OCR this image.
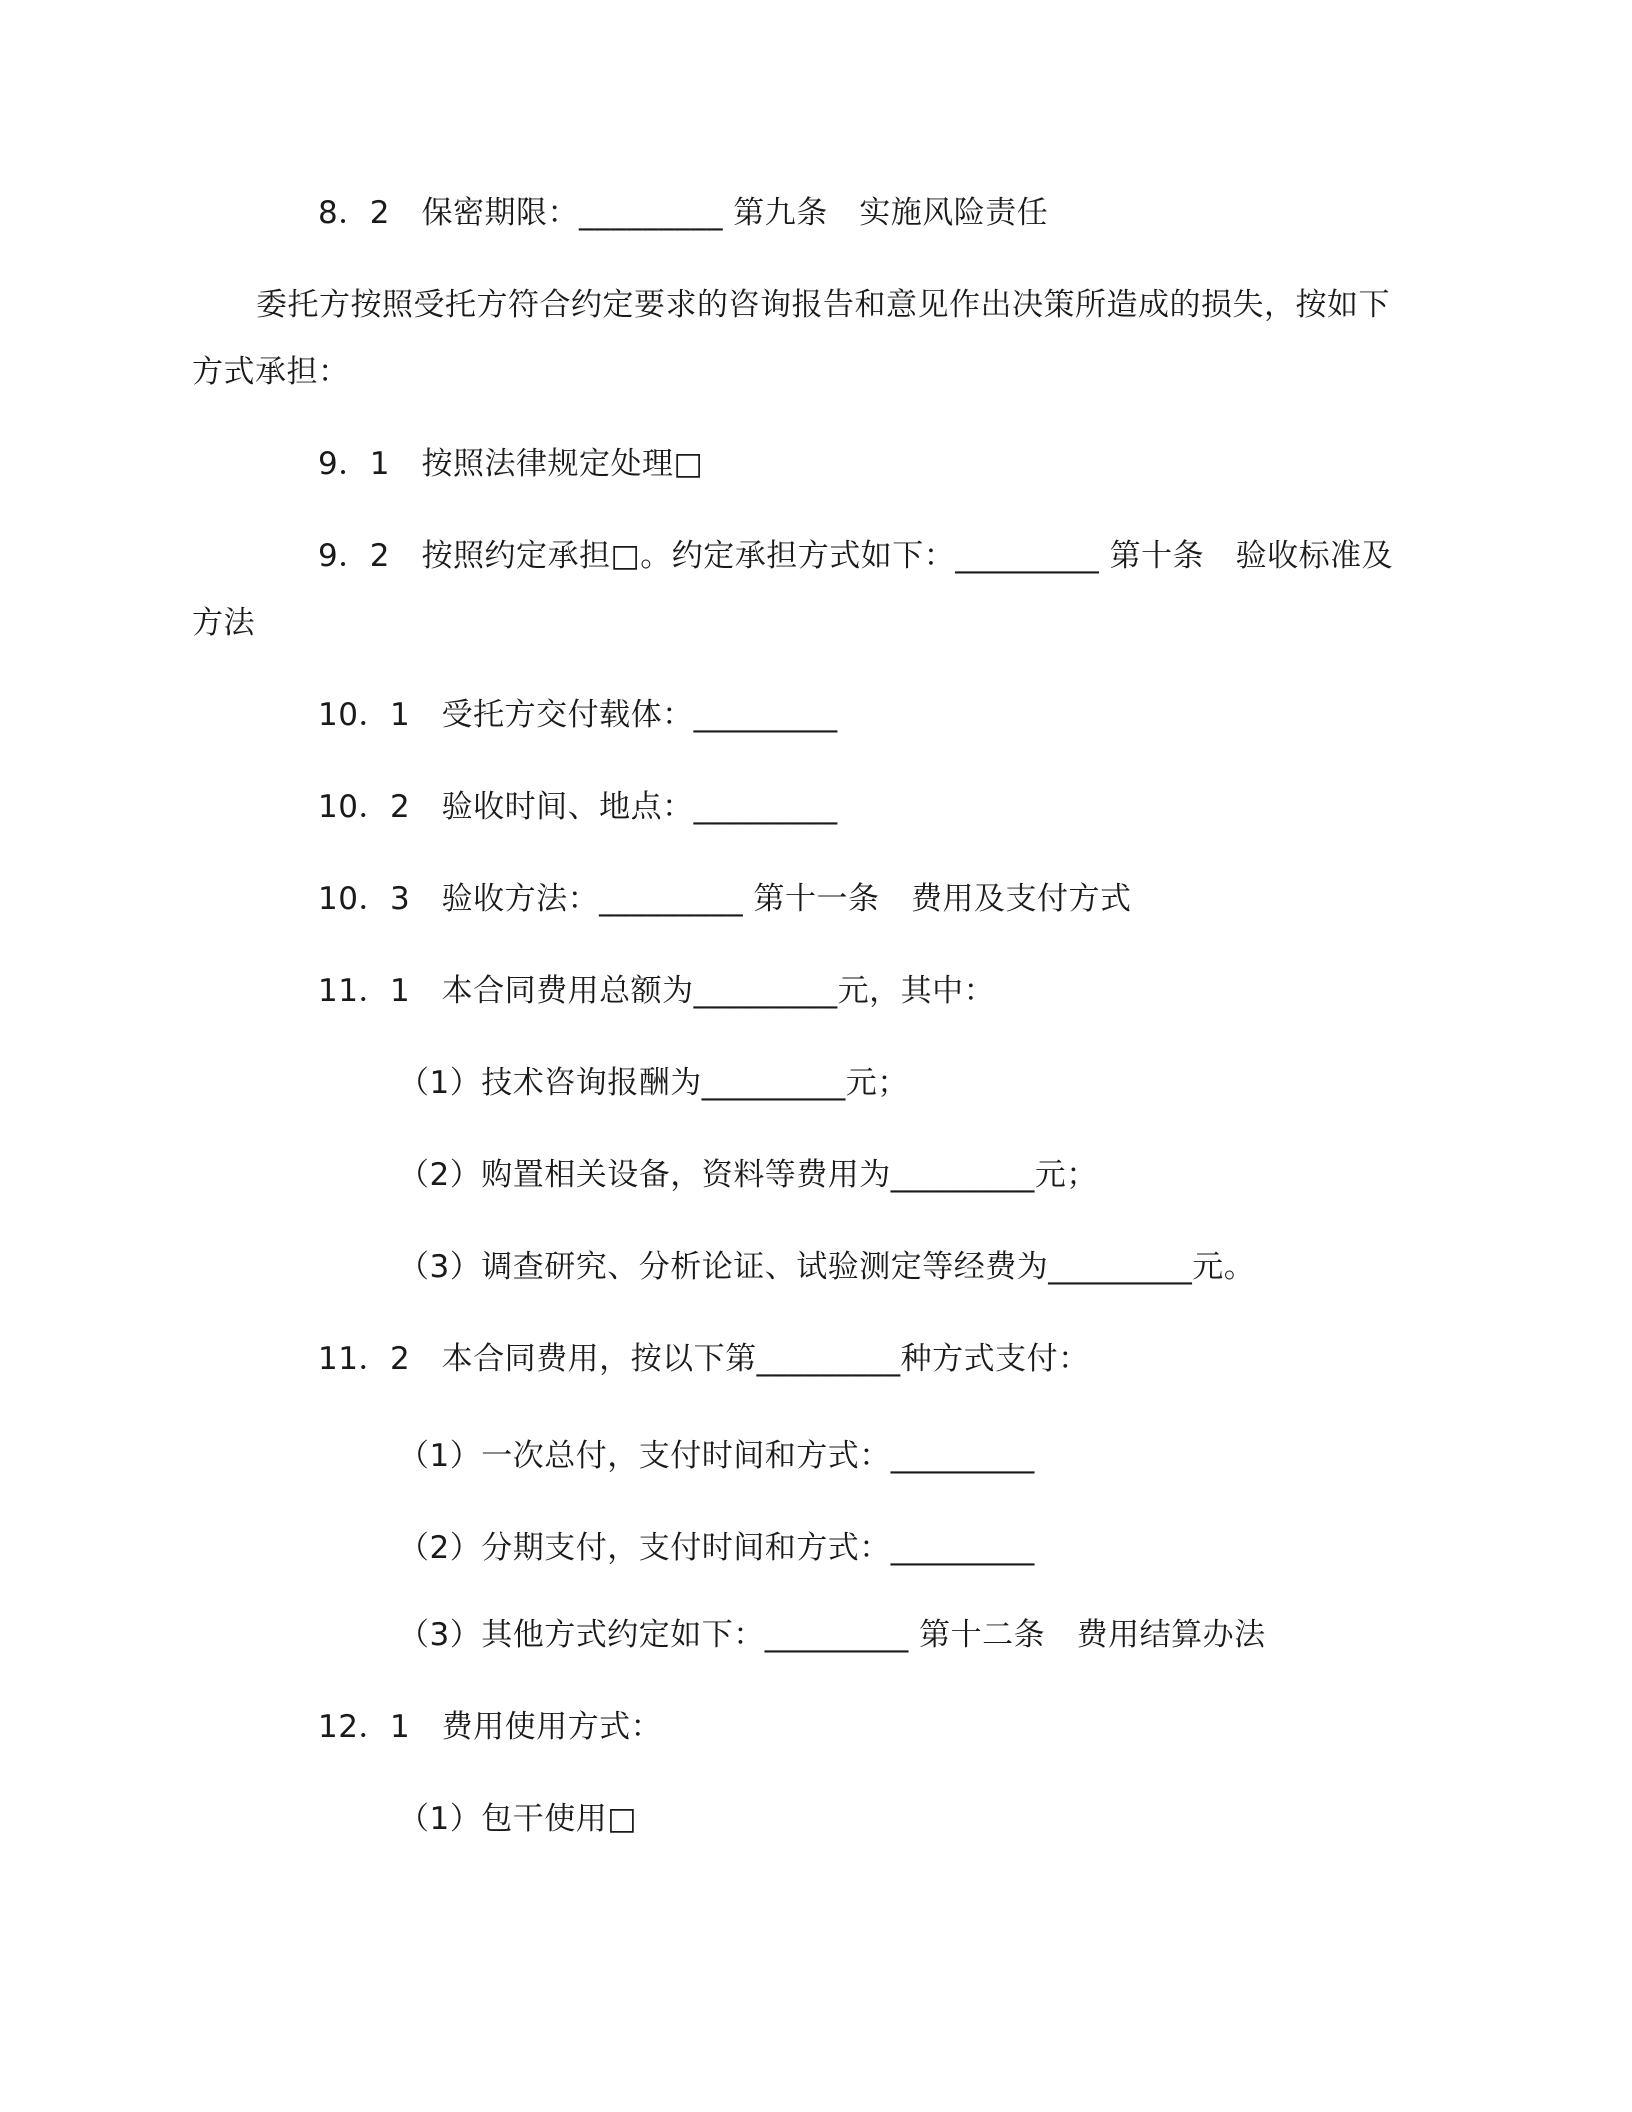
8．2　保密期限：_________ 第九条　实施风险责任
委托方按照受托方符合约定要求的咨询报告和意见作出决策所造成的损失，按如下
方式承担：
9．1　按照法律规定处理□
9．2　按照约定承担□。约定承担方式如下：_________ 第十条　验收标准及
方法
10．1　受托方交付载体：_________
10．2　验收时间、地点：_________
10．3　验收方法：_________ 第十一条　费用及支付方式
11．1　本合同费用总额为_________元，其中：
（1）技术咨询报酬为_________元；
（2）购置相关设备，资料等费用为_________元；
（3）调查研究、分析论证、试验测定等经费为_________元。
11．2　本合同费用，按以下第_________种方式支付：
（1）一次总付，支付时间和方式：_________
（2）分期支付，支付时间和方式：_________
（3）其他方式约定如下：_________ 第十二条　费用结算办法
12．1　费用使用方式：
（1）包干使用□
